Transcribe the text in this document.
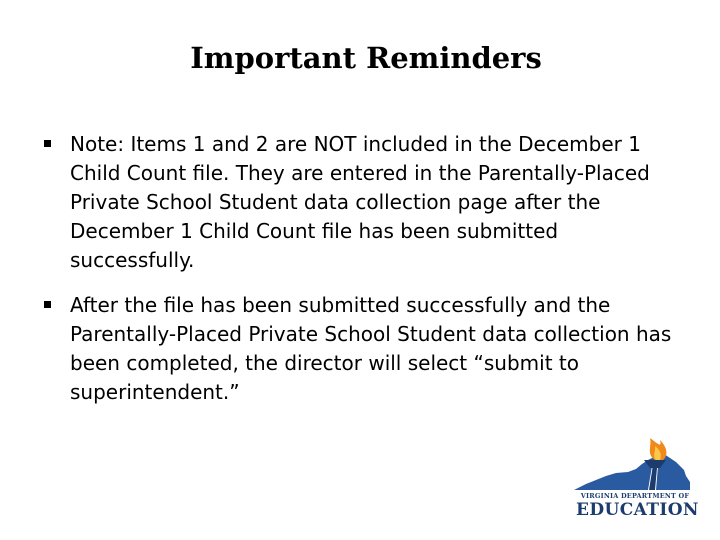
Important Reminders
Note: Items 1 and 2 are NOT included in the December 1 Child Count file. They are entered in the Parentally-Placed Private School Student data collection page after the December 1 Child Count file has been submitted successfully.
After the file has been submitted successfully and the Parentally-Placed Private School Student data collection has been completed, the director will select “submit to superintendent.”
VIRGINIA DEPARTMENT OF
EDUCATION
